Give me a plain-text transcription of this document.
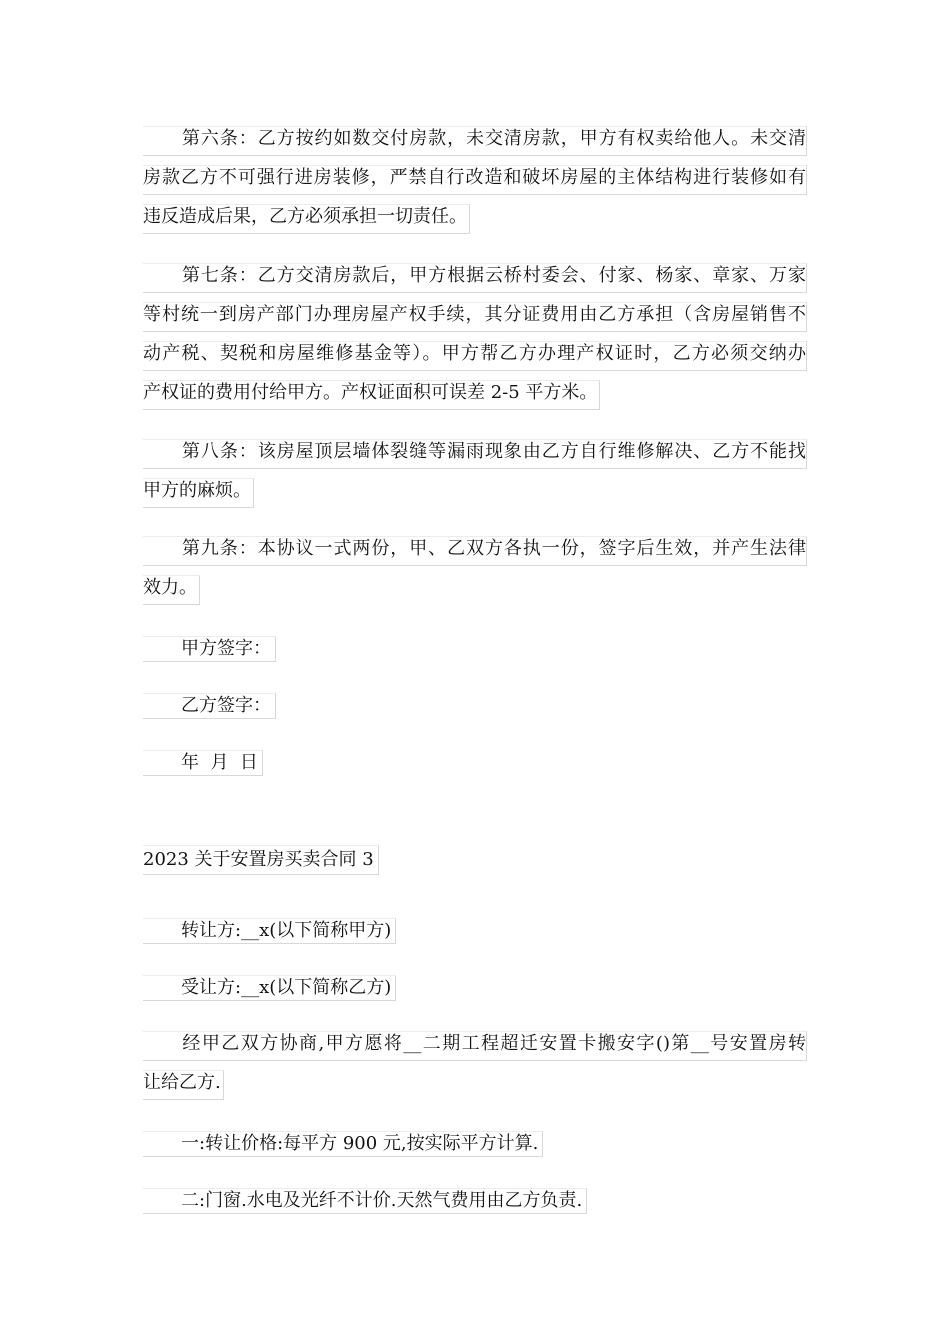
第六条：乙方按约如数交付房款，未交清房款，甲方有权卖给他人。未交清
房款乙方不可强行进房装修，严禁自行改造和破坏房屋的主体结构进行装修如有
违反造成后果，乙方必须承担一切责任。
第七条：乙方交清房款后，甲方根据云桥村委会、付家、杨家、章家、万家
等村统一到房产部门办理房屋产权手续，其分证费用由乙方承担（含房屋销售不
动产税、契税和房屋维修基金等）。甲方帮乙方办理产权证时，乙方必须交纳办
产权证的费用付给甲方。产权证面积可误差 2-5 平方米。
第八条：该房屋顶层墙体裂缝等漏雨现象由乙方自行维修解决、乙方不能找
甲方的麻烦。
第九条：本协议一式两份，甲、乙双方各执一份，签字后生效，并产生法律
效力。
甲方签字：
乙方签字：
年  月  日
2023 关于安置房买卖合同 3
转让方:__x(以下简称甲方)
受让方:__x(以下简称乙方)
经甲乙双方协商,甲方愿将__二期工程超迁安置卡搬安字()第__号安置房转
让给乙方.
一:转让价格:每平方 900 元,按实际平方计算.
二:门窗.水电及光纤不计价.天然气费用由乙方负责.
